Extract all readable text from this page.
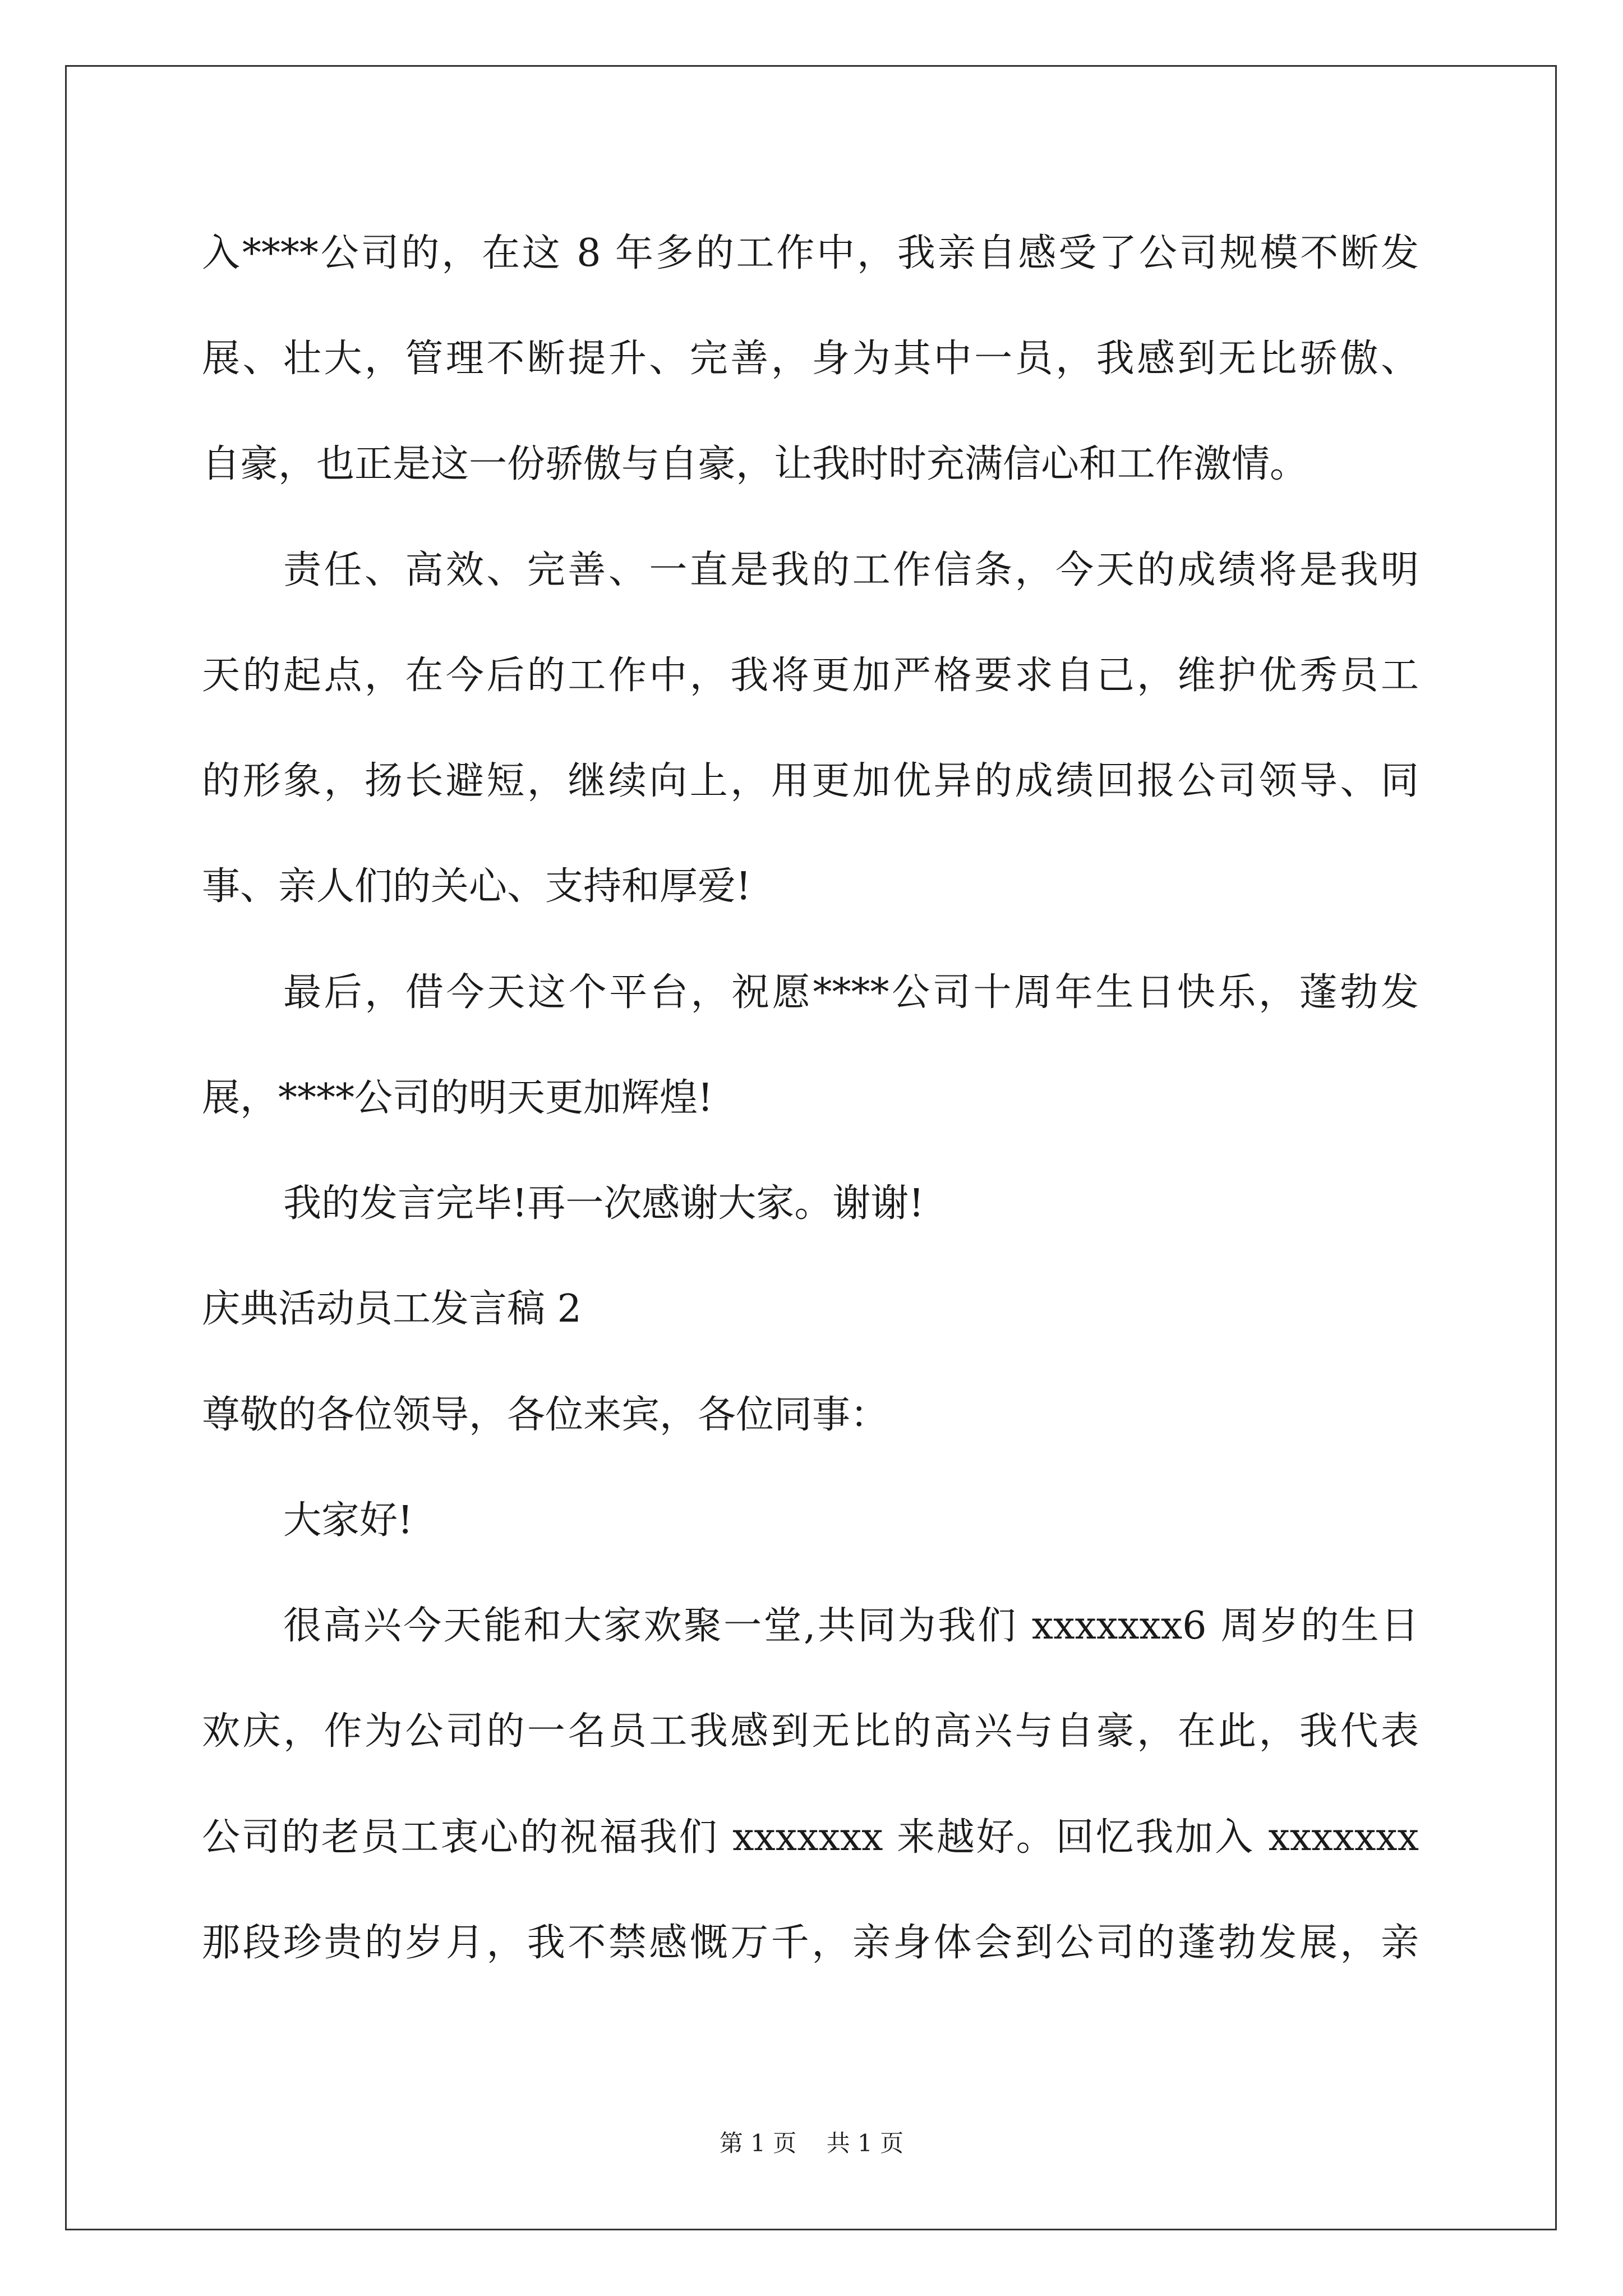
入****公司的，在这 8 年多的工作中，我亲自感受了公司规模不断发
展、壮大，管理不断提升、完善，身为其中一员，我感到无比骄傲、
自豪，也正是这一份骄傲与自豪，让我时时充满信心和工作激情。
责任、高效、完善、一直是我的工作信条，今天的成绩将是我明
天的起点，在今后的工作中，我将更加严格要求自己，维护优秀员工
的形象，扬长避短，继续向上，用更加优异的成绩回报公司领导、同
事、亲人们的关心、支持和厚爱!
最后，借今天这个平台，祝愿****公司十周年生日快乐，蓬勃发
展，****公司的明天更加辉煌!
我的发言完毕!再一次感谢大家。谢谢!
庆典活动员工发言稿 2
尊敬的各位领导，各位来宾，各位同事：
大家好!
很高兴今天能和大家欢聚一堂,共同为我们 xxxxxxx6 周岁的生日
欢庆，作为公司的一名员工我感到无比的高兴与自豪，在此，我代表
公司的老员工衷心的祝福我们 xxxxxxx 来越好。回忆我加入 xxxxxxx
那段珍贵的岁月，我不禁感慨万千，亲身体会到公司的蓬勃发展，亲
第 1 页    共 1 页
